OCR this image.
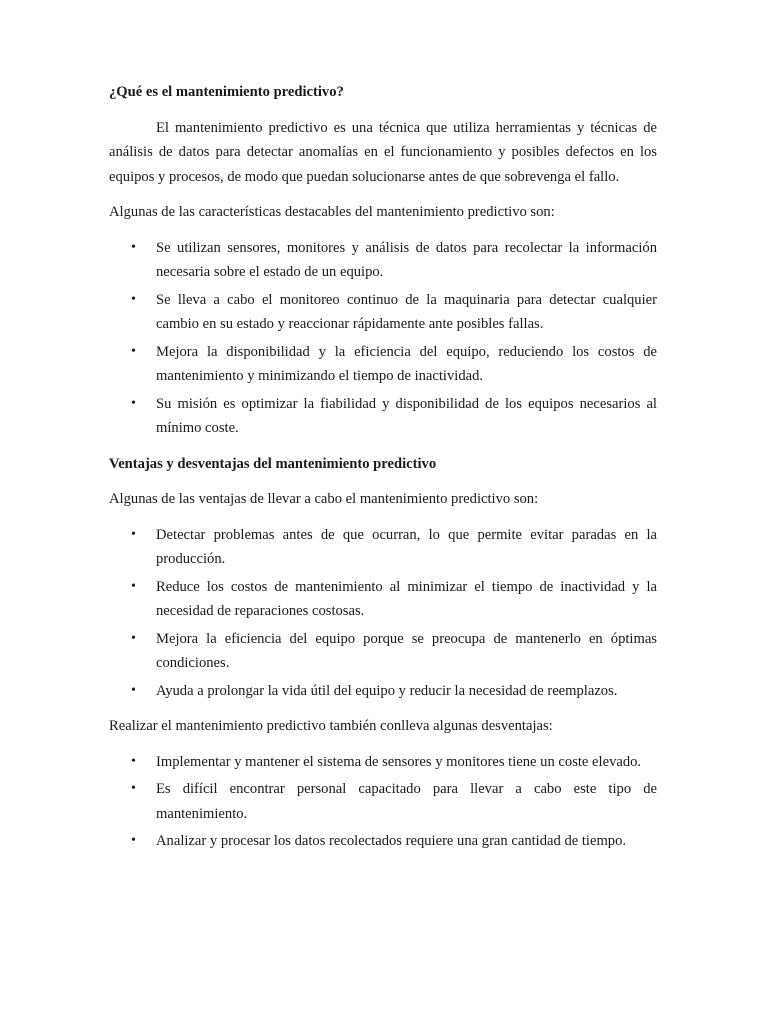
¿Qué es el mantenimiento predictivo?

El mantenimiento predictivo es una técnica que utiliza herramientas y técnicas de análisis de datos para detectar anomalías en el funcionamiento y posibles defectos en los equipos y procesos, de modo que puedan solucionarse antes de que sobrevenga el fallo.

Algunas de las características destacables del mantenimiento predictivo son:

• Se utilizan sensores, monitores y análisis de datos para recolectar la información necesaria sobre el estado de un equipo.
• Se lleva a cabo el monitoreo continuo de la maquinaria para detectar cualquier cambio en su estado y reaccionar rápidamente ante posibles fallas.
• Mejora la disponibilidad y la eficiencia del equipo, reduciendo los costos de mantenimiento y minimizando el tiempo de inactividad.
• Su misión es optimizar la fiabilidad y disponibilidad de los equipos necesarios al mínimo coste.

Ventajas y desventajas del mantenimiento predictivo

Algunas de las ventajas de llevar a cabo el mantenimiento predictivo son:

• Detectar problemas antes de que ocurran, lo que permite evitar paradas en la producción.
• Reduce los costos de mantenimiento al minimizar el tiempo de inactividad y la necesidad de reparaciones costosas.
• Mejora la eficiencia del equipo porque se preocupa de mantenerlo en óptimas condiciones.
• Ayuda a prolongar la vida útil del equipo y reducir la necesidad de reemplazos.

Realizar el mantenimiento predictivo también conlleva algunas desventajas:

• Implementar y mantener el sistema de sensores y monitores tiene un coste elevado.
• Es difícil encontrar personal capacitado para llevar a cabo este tipo de mantenimiento.
• Analizar y procesar los datos recolectados requiere una gran cantidad de tiempo.
